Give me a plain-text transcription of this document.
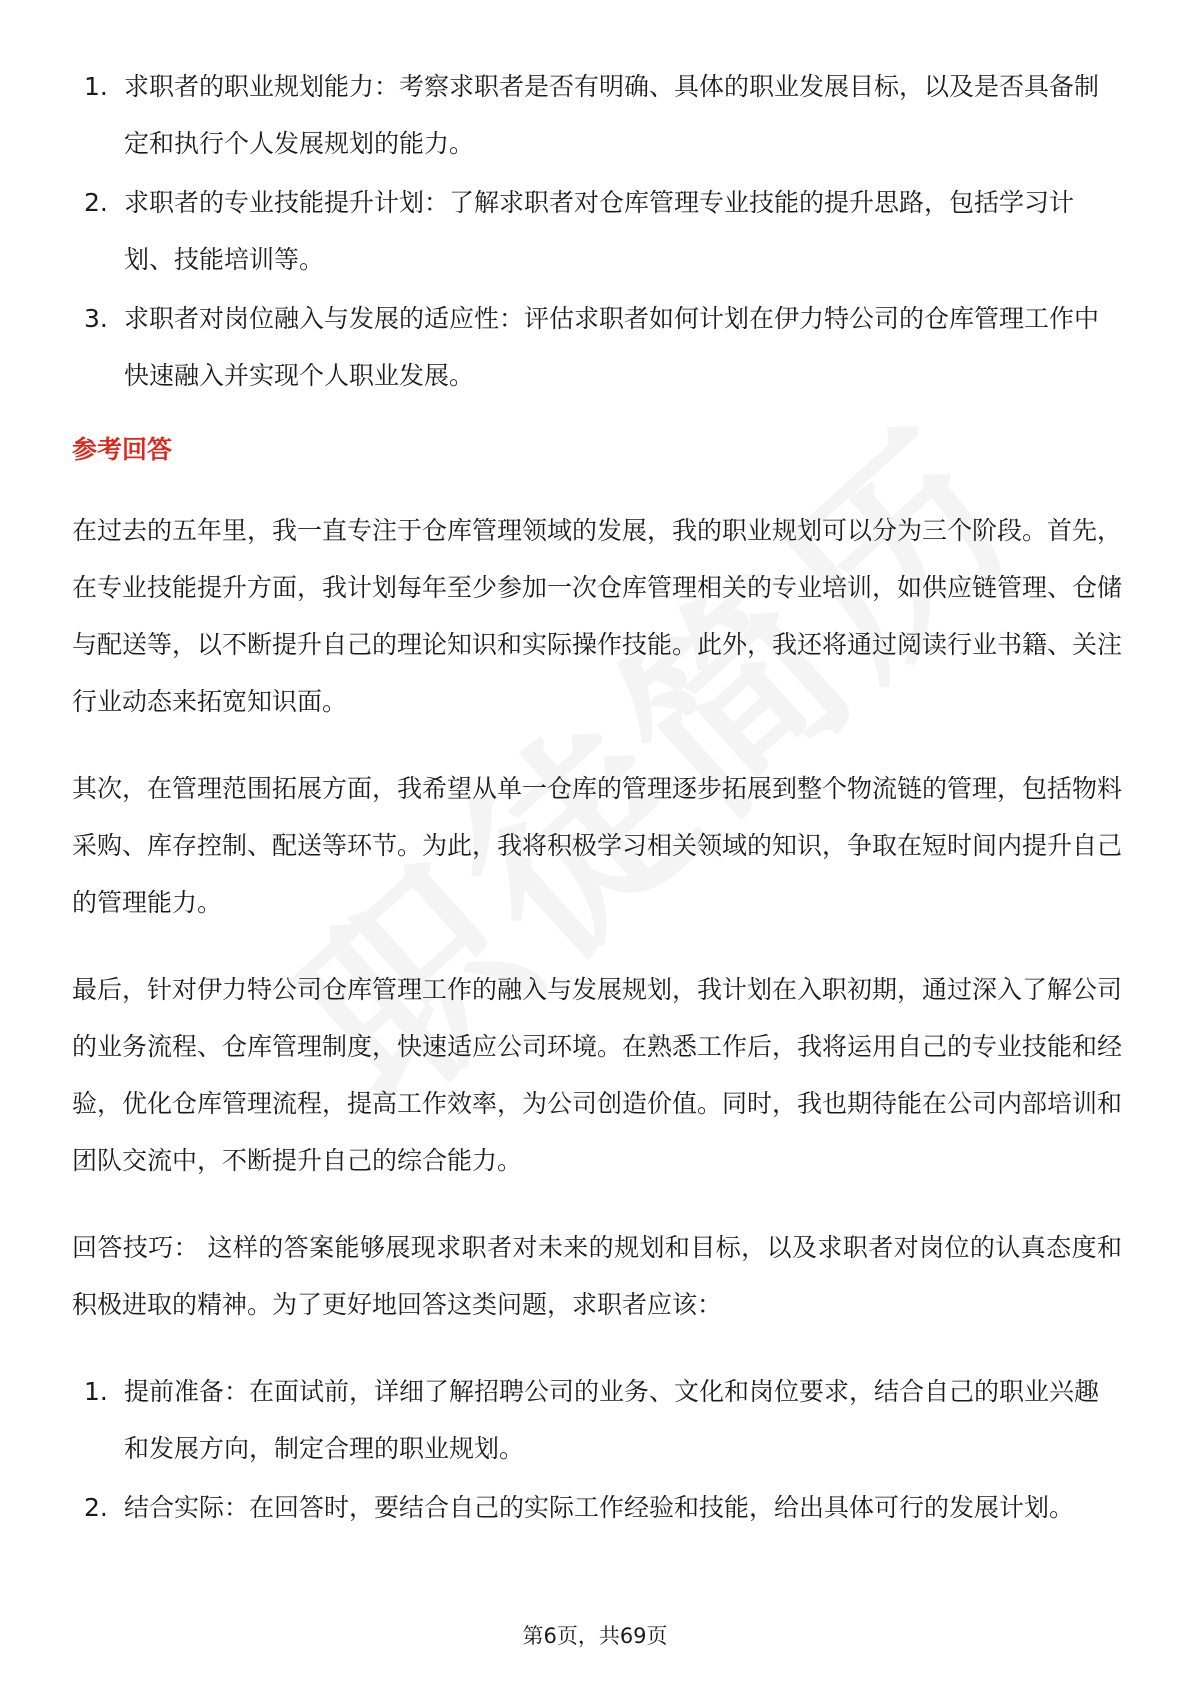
1. 求职者的职业规划能力：考察求职者是否有明确、具体的职业发展目标，以及是否具备制定和执行个人发展规划的能力。
2. 求职者的专业技能提升计划：了解求职者对仓库管理专业技能的提升思路，包括学习计划、技能培训等。
3. 求职者对岗位融入与发展的适应性：评估求职者如何计划在伊力特公司的仓库管理工作中快速融入并实现个人职业发展。
参考回答

在过去的五年里，我一直专注于仓库管理领域的发展，我的职业规划可以分为三个阶段。首先，在专业技能提升方面，我计划每年至少参加一次仓库管理相关的专业培训，如供应链管理、仓储与配送等，以不断提升自己的理论知识和实际操作技能。此外，我还将通过阅读行业书籍、关注行业动态来拓宽知识面。

其次，在管理范围拓展方面，我希望从单一仓库的管理逐步拓展到整个物流链的管理，包括物料采购、库存控制、配送等环节。为此，我将积极学习相关领域的知识，争取在短时间内提升自己的管理能力。

最后，针对伊力特公司仓库管理工作的融入与发展规划，我计划在入职初期，通过深入了解公司的业务流程、仓库管理制度，快速适应公司环境。在熟悉工作后，我将运用自己的专业技能和经验，优化仓库管理流程，提高工作效率，为公司创造价值。同时，我也期待能在公司内部培训和团队交流中，不断提升自己的综合能力。

回答技巧： 这样的答案能够展现求职者对未来的规划和目标，以及求职者对岗位的认真态度和积极进取的精神。为了更好地回答这类问题，求职者应该：

1. 提前准备：在面试前，详细了解招聘公司的业务、文化和岗位要求，结合自己的职业兴趣和发展方向，制定合理的职业规划。
2. 结合实际：在回答时，要结合自己的实际工作经验和技能，给出具体可行的发展计划。
第6页，共69页
